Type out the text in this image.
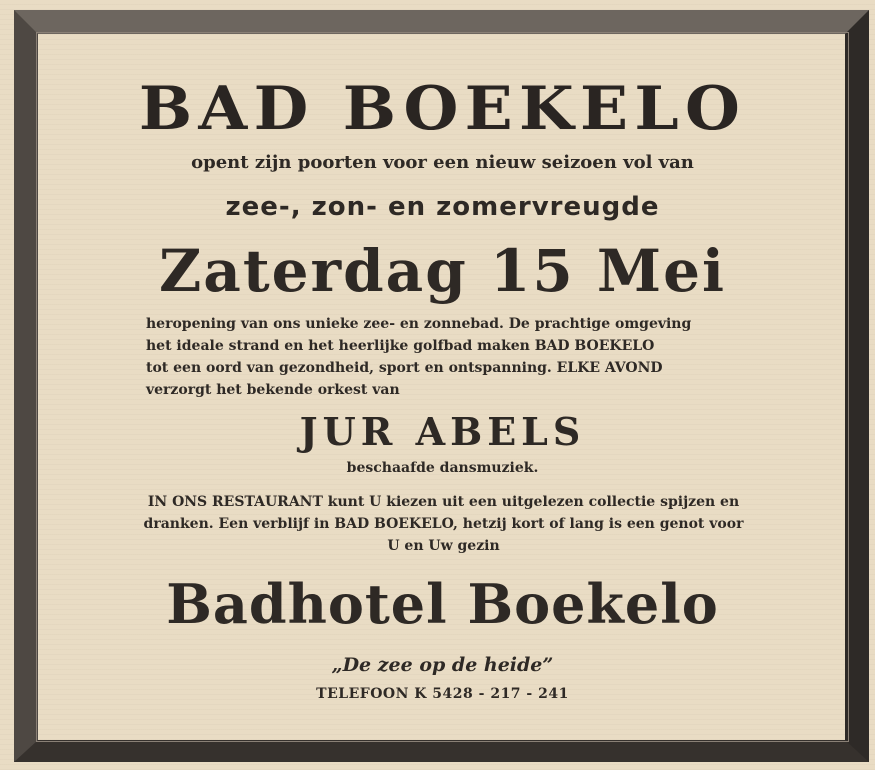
BAD BOEKELO
opent zijn poorten voor een nieuw seizoen vol van
zee-, zon- en zomervreugde
Zaterdag 15 Mei
heropening van ons unieke zee- en zonnebad. De prachtige omgeving
het ideale strand en het heerlijke golfbad maken BAD BOEKELO
tot een oord van gezondheid, sport en ontspanning. ELKE AVOND
verzorgt het bekende orkest van
JUR ABELS
beschaafde dansmuziek.
IN ONS RESTAURANT kunt U kiezen uit een uitgelezen collectie spijzen en
dranken. Een verblijf in BAD BOEKELO, hetzij kort of lang is een genot voor
U en Uw gezin
Badhotel Boekelo
„De zee op de heide”
TELEFOON K 5428 - 217 - 241
